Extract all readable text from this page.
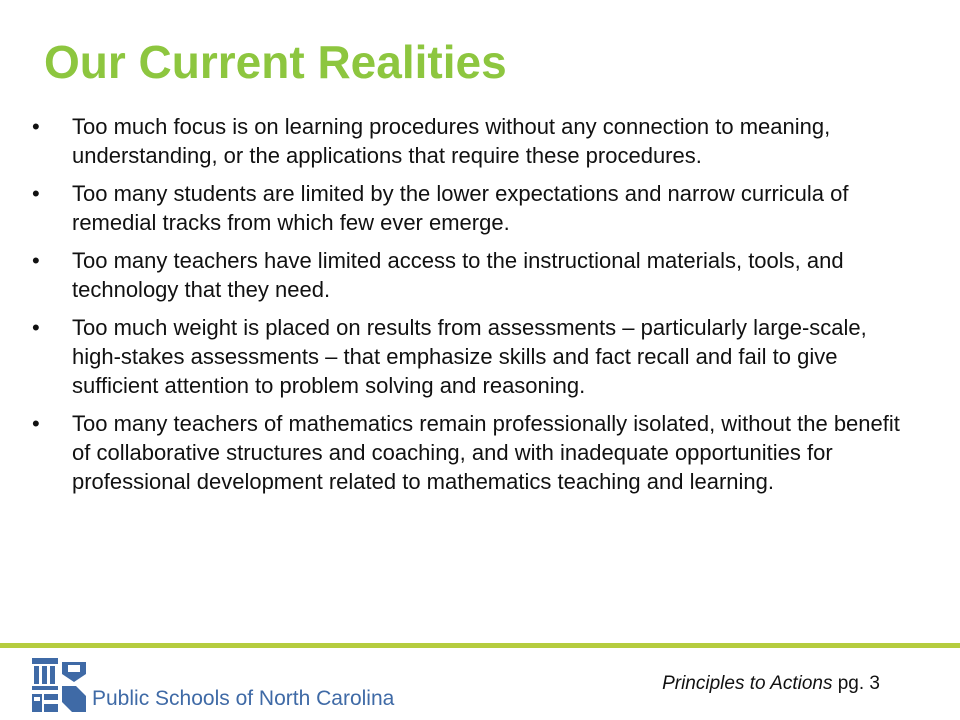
Our Current Realities
• Too much focus is on learning procedures without any connection to meaning, understanding, or the applications that require these procedures.
• Too many students are limited by the lower expectations and narrow curricula of remedial tracks from which few ever emerge.
• Too many teachers have limited access to the instructional materials, tools, and technology that they need.
• Too much weight is placed on results from assessments – particularly large-scale, high-stakes assessments – that emphasize skills and fact recall and fail to give sufficient attention to problem solving and reasoning.
• Too many teachers of mathematics remain professionally isolated, without the benefit of collaborative structures and coaching, and with inadequate opportunities for professional development related to mathematics teaching and learning.
Public Schools of North Carolina
Principles to Actions pg. 3
